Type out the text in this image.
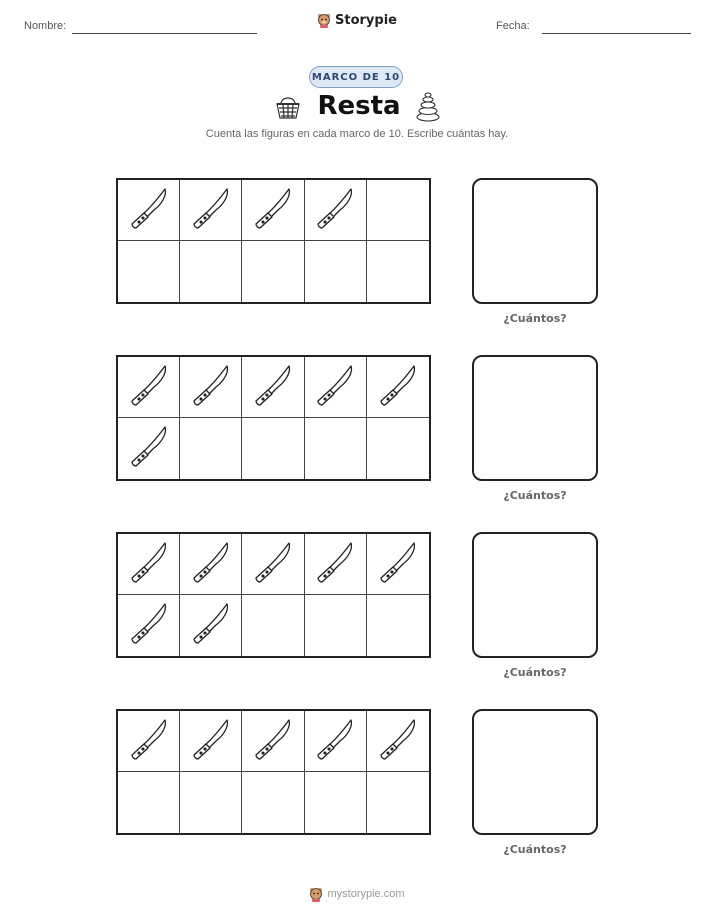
Nombre:	Storypie	Fecha:
MARCO DE 10
Resta
Cuenta las figuras en cada marco de 10. Escribe cuántas hay.
¿Cuántos?
¿Cuántos?
¿Cuántos?
¿Cuántos?
mystorypie.com
